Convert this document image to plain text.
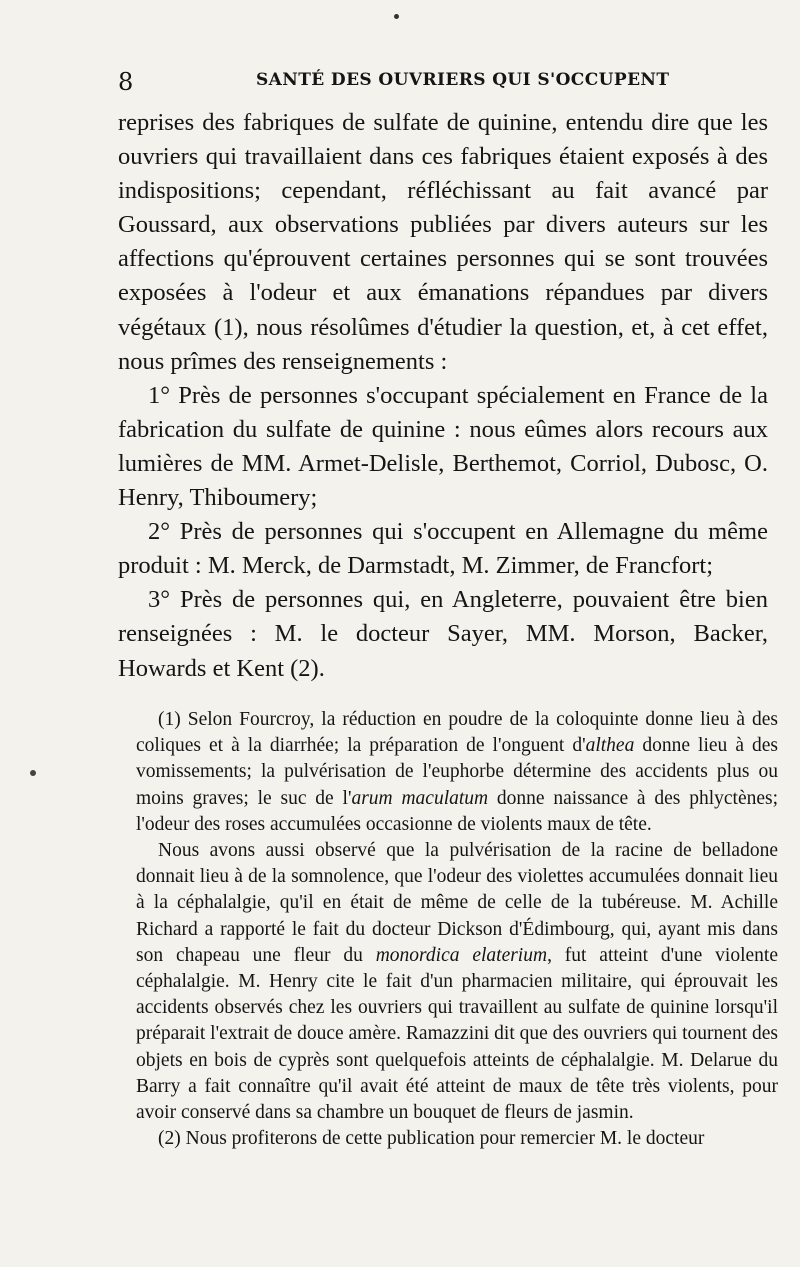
8	SANTÉ DES OUVRIERS QUI S'OCCUPENT

reprises des fabriques de sulfate de quinine, entendu dire que les ouvriers qui travaillaient dans ces fabriques étaient exposés à des indispositions; cependant, réfléchissant au fait avancé par Goussard, aux observations publiées par divers auteurs sur les affections qu'éprouvent certaines personnes qui se sont trouvées exposées à l'odeur et aux émanations répandues par divers végétaux (1), nous résolûmes d'étudier la question, et, à cet effet, nous prîmes des renseignements :

1° Près de personnes s'occupant spécialement en France de la fabrication du sulfate de quinine : nous eûmes alors recours aux lumières de MM. Armet-Delisle, Berthemot, Corriol, Dubosc, O. Henry, Thiboumery;

2° Près de personnes qui s'occupent en Allemagne du même produit : M. Merck, de Darmstadt, M. Zimmer, de Francfort;

3° Près de personnes qui, en Angleterre, pouvaient être bien renseignées : M. le docteur Sayer, MM. Morson, Backer, Howards et Kent (2).

(1) Selon Fourcroy, la réduction en poudre de la coloquinte donne lieu à des coliques et à la diarrhée; la préparation de l'onguent d'althea donne lieu à des vomissements; la pulvérisation de l'euphorbe détermine des accidents plus ou moins graves; le suc de l'arum maculatum donne naissance à des phlyctènes; l'odeur des roses accumulées occasionne de violents maux de tête.

Nous avons aussi observé que la pulvérisation de la racine de belladone donnait lieu à de la somnolence, que l'odeur des violettes accumulées donnait lieu à la céphalalgie, qu'il en était de même de celle de la tubéreuse. M. Achille Richard a rapporté le fait du docteur Dickson d'Édimbourg, qui, ayant mis dans son chapeau une fleur du monordica elaterium, fut atteint d'une violente céphalalgie. M. Henry cite le fait d'un pharmacien militaire, qui éprouvait les accidents observés chez les ouvriers qui travaillent au sulfate de quinine lorsqu'il préparait l'extrait de douce amère. Ramazzini dit que des ouvriers qui tournent des objets en bois de cyprès sont quelquefois atteints de céphalalgie. M. Delarue du Barry a fait connaître qu'il avait été atteint de maux de tête très violents, pour avoir conservé dans sa chambre un bouquet de fleurs de jasmin.

(2) Nous profiterons de cette publication pour remercier M. le docteur
